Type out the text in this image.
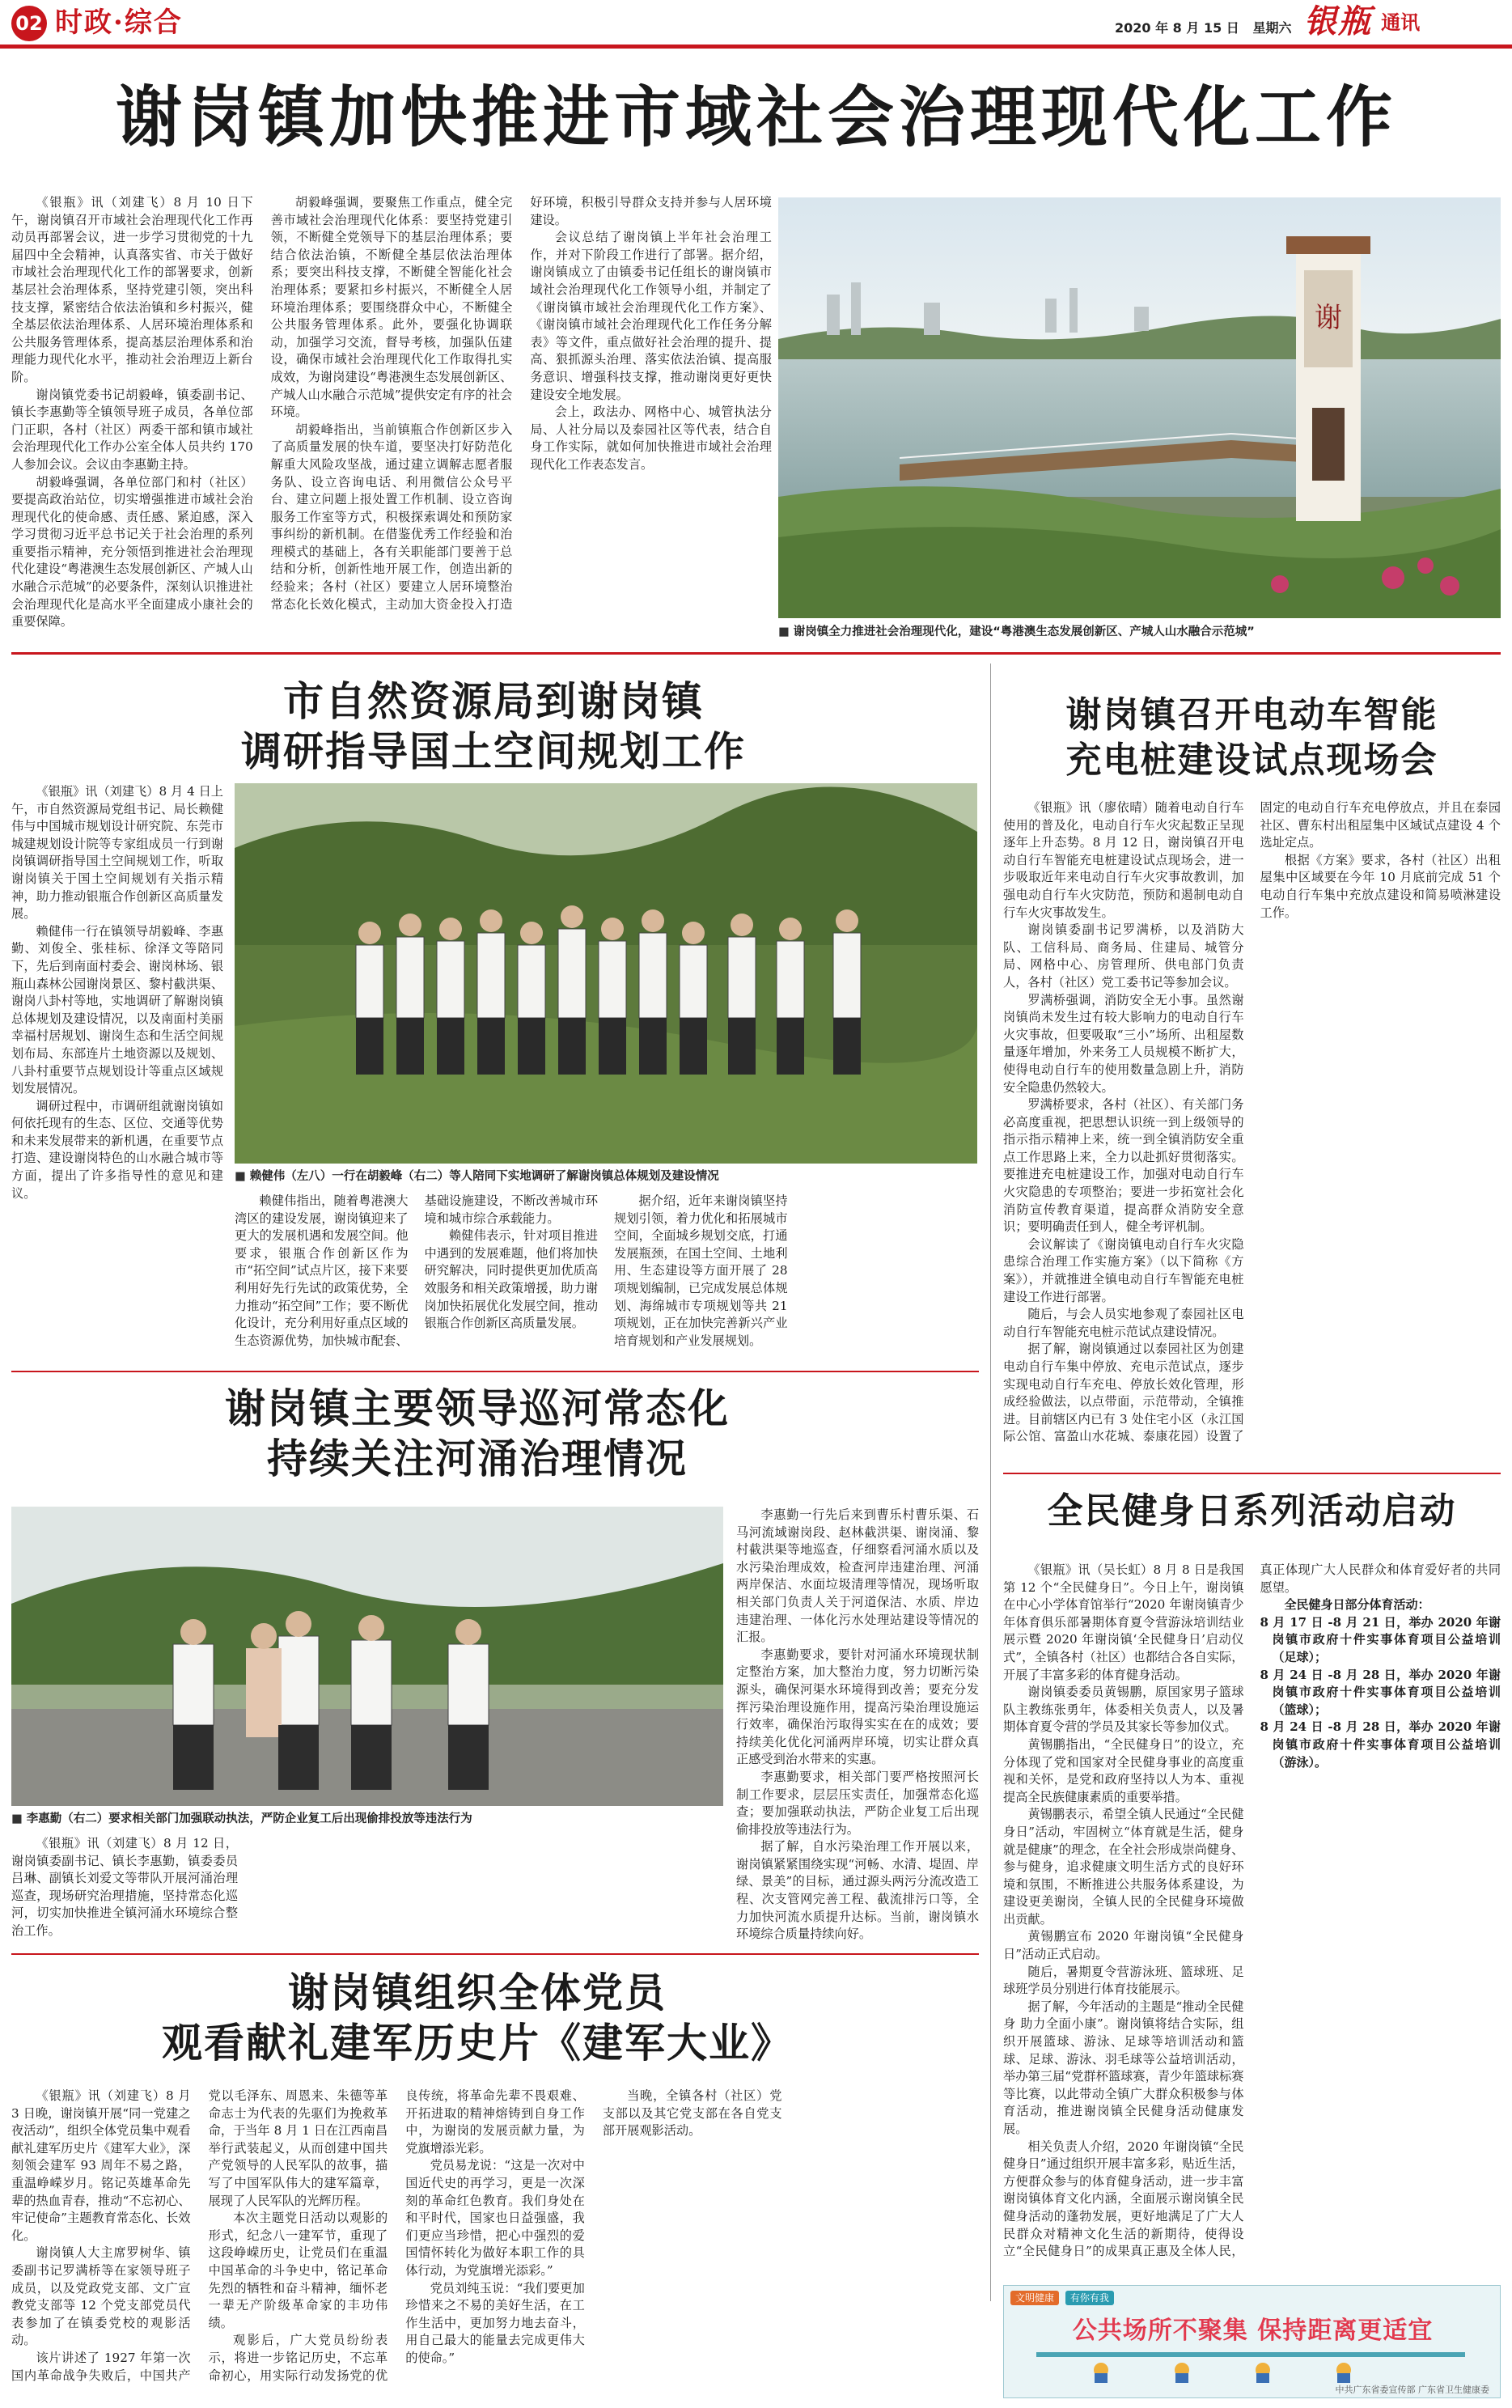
02 时政·综合	2020 年 8 月 15 日 星期六 银瓶 通讯
谢岗镇加快推进市域社会治理现代化工作

《银瓶》讯（刘建飞）8 月 10 日下午，谢岗镇召开市域社会治理现代化工作再动员再部署会议，进一步学习贯彻党的十九届四中全会精神，认真落实省、市关于做好市域社会治理现代化工作的部署要求，创新基层社会治理体系，坚持党建引领，突出科技支撑，紧密结合依法治镇和乡村振兴，健全基层依法治理体系、人居环境治理体系和公共服务管理体系，提高基层治理体系和治理能力现代化水平，推动社会治理迈上新台阶。

谢岗镇党委书记胡毅峰，镇委副书记、镇长李惠勤等全镇领导班子成员，各单位部门正职，各村（社区）两委干部和镇市域社会治理现代化工作办公室全体人员共约 170 人参加会议。会议由李惠勤主持。

胡毅峰强调，各单位部门和村（社区）要提高政治站位，切实增强推进市域社会治理现代化的使命感、责任感、紧迫感，深入学习贯彻习近平总书记关于社会治理的系列重要指示精神，充分领悟到推进社会治理现代化建设“粤港澳生态发展创新区、产城人山水融合示范城”的必要条件，深刻认识推进社会治理现代化是高水平全面建成小康社会的重要保障。

胡毅峰强调，要聚焦工作重点，健全完善市域社会治理现代化体系：要坚持党建引领，不断健全党领导下的基层治理体系；要结合依法治镇，不断健全基层依法治理体系；要突出科技支撑，不断健全智能化社会治理体系；要紧扣乡村振兴，不断健全人居环境治理体系；要围绕群众中心，不断健全公共服务管理体系。此外，要强化协调联动，加强学习交流，督导考核，加强队伍建设，确保市域社会治理现代化工作取得扎实成效，为谢岗建设“粤港澳生态发展创新区、产城人山水融合示范城”提供安定有序的社会环境。

胡毅峰指出，当前镇瓶合作创新区步入了高质量发展的快车道，要坚决打好防范化解重大风险攻坚战，通过建立调解志愿者服务队、设立咨询电话、利用微信公众号平台、建立问题上报处置工作机制、设立咨询服务工作室等方式，积极探索调处和预防家事纠纷的新机制。在借鉴优秀工作经验和治理模式的基础上，各有关职能部门要善于总结和分析，创新性地开展工作，创造出新的经验来；各村（社区）要建立人居环境整治常态化长效化模式，主动加大资金投入打造好环境，积极引导群众支持并参与人居环境建设。

会议总结了谢岗镇上半年社会治理工作，并对下阶段工作进行了部署。据介绍，谢岗镇成立了由镇委书记任组长的谢岗镇市域社会治理现代化工作领导小组，并制定了《谢岗镇市域社会治理现代化工作方案》、《谢岗镇市域社会治理现代化工作任务分解表》等文件，重点做好社会治理的提升、提高、狠抓源头治理、落实依法治镇、提高服务意识、增强科技支撑，推动谢岗更好更快建设安全地发展。

会上，政法办、网格中心、城管执法分局、人社分局以及泰园社区等代表，结合自身工作实际，就如何加快推进市域社会治理现代化工作表态发言。

谢
■ 谢岗镇全力推进社会治理现代化，建设“粤港澳生态发展创新区、产城人山水融合示范城”
市自然资源局到谢岗镇
调研指导国土空间规划工作

《银瓶》讯（刘建飞）8 月 4 日上午，市自然资源局党组书记、局长赖健伟与中国城市规划设计研究院、东莞市城建规划设计院等专家组成员一行到谢岗镇调研指导国土空间规划工作，听取谢岗镇关于国土空间规划有关指示精神，助力推动银瓶合作创新区高质量发展。

赖健伟一行在镇领导胡毅峰、李惠勤、刘俊全、张桂标、徐泽文等陪同下，先后到南面村委会、谢岗林场、银瓶山森林公园谢岗景区、黎村截洪渠、谢岗八卦村等地，实地调研了解谢岗镇总体规划及建设情况，以及南面村美丽幸福村居规划、谢岗生态和生活空间规划布局、东部连片土地资源以及规划、八卦村重要节点规划设计等重点区域规划发展情况。

调研过程中，市调研组就谢岗镇如何依托现有的生态、区位、交通等优势和未来发展带来的新机遇，在重要节点打造、建设谢岗特色的山水融合城市等方面，提出了许多指导性的意见和建议。

■ 赖健伟（左八）一行在胡毅峰（右二）等人陪同下实地调研了解谢岗镇总体规划及建设情况

赖健伟指出，随着粤港澳大湾区的建设发展，谢岗镇迎来了更大的发展机遇和发展空间。他要求，银瓶合作创新区作为市“拓空间”试点片区，接下来要利用好先行先试的政策优势，全力推动“拓空间”工作；要不断优化设计，充分利用好重点区域的生态资源优势，加快城市配套、基础设施建设，不断改善城市环境和城市综合承载能力。

赖健伟表示，针对项目推进中遇到的发展难题，他们将加快研究解决，同时提供更加优质高效服务和相关政策增援，助力谢岗加快拓展优化发展空间，推动银瓶合作创新区高质量发展。

据介绍，近年来谢岗镇坚持规划引领，着力优化和拓展城市空间，全面城乡规划交底，打通发展瓶颈，在国土空间、土地利用、生态建设等方面开展了 28 项规划编制，已完成发展总体规划、海绵城市专项规划等共 21 项规划，正在加快完善新兴产业培育规划和产业发展规划。

谢岗镇召开电动车智能
充电桩建设试点现场会

《银瓶》讯（廖依晴）随着电动自行车使用的普及化，电动自行车火灾起数正呈现逐年上升态势。8 月 12 日，谢岗镇召开电动自行车智能充电桩建设试点现场会，进一步吸取近年来电动自行车火灾事故教训，加强电动自行车火灾防范，预防和遏制电动自行车火灾事故发生。

谢岗镇委副书记罗满桥，以及消防大队、工信科局、商务局、住建局、城管分局、网格中心、房管理所、供电部门负责人，各村（社区）党工委书记等参加会议。

罗满桥强调，消防安全无小事。虽然谢岗镇尚未发生过有较大影响力的电动自行车火灾事故，但要吸取“三小”场所、出租屋数量逐年增加，外来务工人员规模不断扩大，使得电动自行车的使用数量急剧上升，消防安全隐患仍然较大。

罗满桥要求，各村（社区）、有关部门务必高度重视，把思想认识统一到上级领导的指示指示精神上来，统一到全镇消防安全重点工作思路上来，全力以赴抓好贯彻落实。要推进充电桩建设工作，加强对电动自行车火灾隐患的专项整治；要进一步拓宽社会化消防宣传教育渠道，提高群众消防安全意识；要明确责任到人，健全考评机制。

会议解读了《谢岗镇电动自行车火灾隐患综合治理工作实施方案》（以下简称《方案》），并就推进全镇电动自行车智能充电桩建设工作进行部署。

随后，与会人员实地参观了泰园社区电动自行车智能充电桩示范试点建设情况。

据了解，谢岗镇通过以泰园社区为创建电动自行车集中停放、充电示范试点，逐步实现电动自行车充电、停放长效化管理，形成经验做法，以点带面，示范带动，全镇推进。目前辖区内已有 3 处住宅小区（永江国际公馆、富盈山水花城、泰康花园）设置了固定的电动自行车充电停放点，并且在泰园社区、曹东村出租屋集中区域试点建设 4 个选址定点。

根据《方案》要求，各村（社区）出租屋集中区域要在今年 10 月底前完成 51 个电动自行车集中充放点建设和简易喷淋建设工作。

全民健身日系列活动启动

《银瓶》讯（吴长虹）8 月 8 日是我国第 12 个“全民健身日”。今日上午，谢岗镇在中心小学体育馆举行“2020 年谢岗镇青少年体育俱乐部暑期体育夏令营游泳培训结业展示暨 2020 年谢岗镇‘全民健身日’启动仪式”，全镇各村（社区）也都结合各自实际，开展了丰富多彩的体育健身活动。

谢岗镇委委员黄锡鹏，原国家男子篮球队主教练张勇年，体委相关负责人，以及暑期体育夏令营的学员及其家长等参加仪式。

黄锡鹏指出，“全民健身日”的设立，充分体现了党和国家对全民健身事业的高度重视和关怀，是党和政府坚持以人为本、重视提高全民族健康素质的重要举措。

黄锡鹏表示，希望全镇人民通过“全民健身日”活动，牢固树立“体育就是生活，健身就是健康”的理念，在全社会形成崇尚健身、参与健身，追求健康文明生活方式的良好环境和氛围，不断推进公共服务体系建设，为建设更美谢岗，全镇人民的全民健身环境做出贡献。

黄锡鹏宣布 2020 年谢岗镇“全民健身日”活动正式启动。

随后，暑期夏令营游泳班、篮球班、足球班学员分别进行体育技能展示。

据了解，今年活动的主题是“推动全民健身 助力全面小康”。谢岗镇将结合实际，组织开展篮球、游泳、足球等培训活动和篮球、足球、游泳、羽毛球等公益培训活动，举办第三届“党群杯篮球赛，青少年篮球标赛等比赛，以此带动全镇广大群众积极参与体育活动，推进谢岗镇全民健身活动健康发展。

相关负责人介绍，2020 年谢岗镇“全民健身日”通过组织开展丰富多彩，贴近生活，方便群众参与的体育健身活动，进一步丰富谢岗镇体育文化内涵，全面展示谢岗镇全民健身活动的蓬勃发展，更好地满足了广大人民群众对精神文化生活的新期待，使得设立“全民健身日”的成果真正惠及全体人民，真正体现广大人民群众和体育爱好者的共同愿望。

全民健身日部分体育活动：
8 月 17 日 -8 月 21 日，举办 2020 年谢岗镇市政府十件实事体育项目公益培训（足球）；
8 月 24 日 -8 月 28 日，举办 2020 年谢岗镇市政府十件实事体育项目公益培训（篮球）；
8 月 24 日 -8 月 28 日，举办 2020 年谢岗镇市政府十件实事体育项目公益培训（游泳）。
谢岗镇主要领导巡河常态化
持续关注河涌治理情况
■ 李惠勤（右二）要求相关部门加强联动执法，严防企业复工后出现偷排投放等违法行为

李惠勤一行先后来到曹乐村曹乐渠、石马河流域谢岗段、赵林截洪渠、谢岗涌、黎村截洪渠等地巡查，仔细察看河涌水质以及水污染治理成效，检查河岸违建治理、河涌两岸保洁、水面垃圾清理等情况，现场听取相关部门负责人关于河道保洁、水质、岸边违建治理、一体化污水处理站建设等情况的汇报。

李惠勤要求，要针对河涌水环境现状制定整治方案，加大整治力度，努力切断污染源头，确保河渠水环境得到改善；要充分发挥污染治理设施作用，提高污染治理设施运行效率，确保治污取得实实在在的成效；要持续美化优化河涌两岸环境，切实让群众真正感受到治水带来的实惠。

李惠勤要求，相关部门要严格按照河长制工作要求，层层压实责任，加强常态化巡查；要加强联动执法，严防企业复工后出现偷排投放等违法行为。

据了解，自水污染治理工作开展以来，谢岗镇紧紧围绕实现“河畅、水清、堤固、岸绿、景美”的目标，通过源头两污分流改造工程、次支管网完善工程、截流排污口等，全力加快河流水质提升达标。当前，谢岗镇水环境综合质量持续向好。

《银瓶》讯（刘建飞）8 月 12 日，谢岗镇委副书记、镇长李惠勤，镇委委员吕琳、副镇长刘爱文等带队开展河涌治理巡查，现场研究治理措施，坚持常态化巡河，切实加快推进全镇河涌水环境综合整治工作。

谢岗镇组织全体党员
观看献礼建军历史片《建军大业》

《银瓶》讯（刘建飞）8 月 3 日晚，谢岗镇开展“同一党建之夜活动”，组织全体党员集中观看献礼建军历史片《建军大业》，深刻领会建军 93 周年不易之路，重温峥嵘岁月。铭记英雄革命先辈的热血青春，推动“不忘初心、牢记使命”主题教育常态化、长效化。

谢岗镇人大主席罗树华、镇委副书记罗满桥等在家领导班子成员，以及党政党支部、文广宣教党支部等 12 个党支部党员代表参加了在镇委党校的观影活动。

该片讲述了 1927 年第一次国内革命战争失败后，中国共产党以毛泽东、周恩来、朱德等革命志士为代表的先驱们为挽救革命，于当年 8 月 1 日在江西南昌举行武装起义，从而创建中国共产党领导的人民军队的故事，描写了中国军队伟大的建军篇章，展现了人民军队的光辉历程。

本次主题党日活动以观影的形式，纪念八一建军节，重现了这段峥嵘历史，让党员们在重温中国革命的斗争史中，铭记革命先烈的牺牲和奋斗精神，缅怀老一辈无产阶级革命家的丰功伟绩。

观影后，广大党员纷纷表示，将进一步铭记历史，不忘革命初心，用实际行动发扬党的优良传统，将革命先辈不畏艰难、开拓进取的精神熔铸到自身工作中，为谢岗的发展贡献力量，为党旗增添光彩。

党员易龙说：“这是一次对中国近代史的再学习，更是一次深刻的革命红色教育。我们身处在和平时代，国家也日益强盛，我们更应当珍惜，把心中强烈的爱国情怀转化为做好本职工作的具体行动，为党旗增光添彩。”

党员刘纯玉说：“我们要更加珍惜来之不易的美好生活，在工作生活中，更加努力地去奋斗，用自己最大的能量去完成更伟大的使命。”

当晚，全镇各村（社区）党支部以及其它党支部在各自党支部开展观影活动。

文明健康 有你有我
公共场所不聚集 保持距离更适宜
中共广东省委宣传部 广东省卫生健康委
